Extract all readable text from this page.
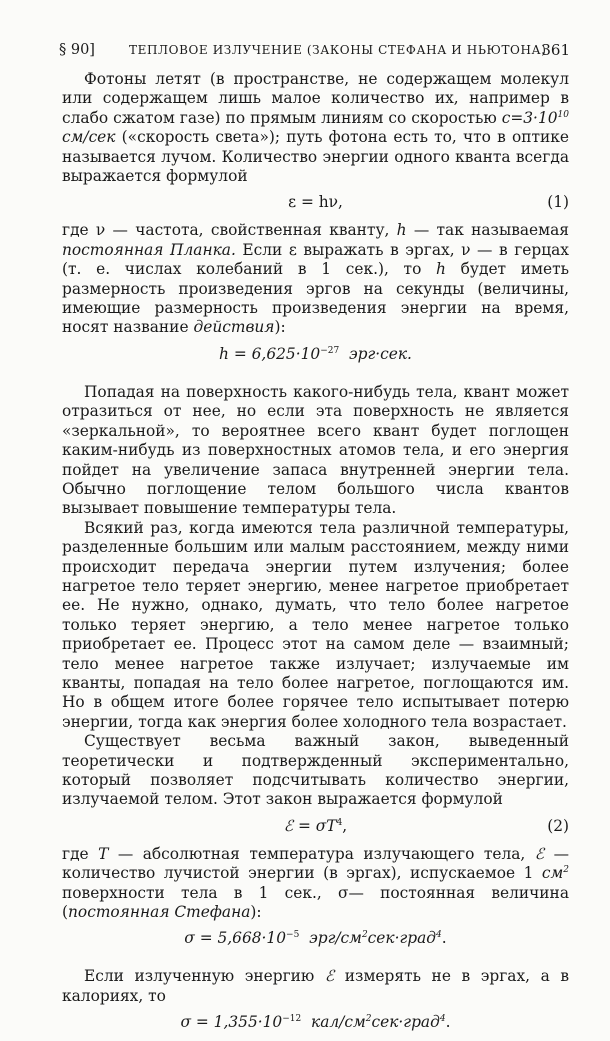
§ 90]	ТЕПЛОВОЕ ИЗЛУЧЕНИЕ (ЗАКОНЫ СТЕФАНА И НЬЮТОНА)
361

Фотоны летят (в пространстве, не содержащем молекул или содержащем лишь малое количество их, например в слабо сжатом газе) по прямым линиям со скоростью $c=3\cdot 10^{10}$ см/сек («скорость света»); путь фотона есть то, что в оптике называется лучом. Количество энергии одного кванта всегда выражается формулой

ε = hν,	(1)

где ν — частота, свойственная кванту, h — так называемая постоянная Планка. Если ε выражать в эргах, ν — в герцах (т. е. числах колебаний в 1 сек.), то h будет иметь размерность произведения эргов на секунды (величины, имеющие размерность произведения энергии на время, носят название действия):

$h = 6,625\cdot 10^{-27}$ эрг·сек.

Попадая на поверхность какого-нибудь тела, квант может отразиться от нее, но если эта поверхность не является «зеркальной», то вероятнее всего квант будет поглощен каким-нибудь из поверхностных атомов тела, и его энергия пойдет на увеличение запаса внутренней энергии тела. Обычно поглощение телом большого числа квантов вызывает повышение температуры тела.

Всякий раз, когда имеются тела различной температуры, разделенные большим или малым расстоянием, между ними происходит передача энергии путем излучения; более нагретое тело теряет энергию, менее нагретое приобретает ее. Не нужно, однако, думать, что тело более нагретое только теряет энергию, а тело менее нагретое только приобретает ее. Процесс этот на самом деле — взаимный; тело менее нагретое также излучает; излучаемые им кванты, попадая на тело более нагретое, поглощаются им. Но в общем итоге более горячее тело испытывает потерю энергии, тогда как энергия более холодного тела возрастает.

Существует весьма важный закон, выведенный теоретически и подтвержденный экспериментально, который позволяет подсчитывать количество энергии, излучаемой телом. Этот закон выражается формулой

ℰ = $\sigma T^4$,	(2)

где T — абсолютная температура излучающего тела, ℰ — количество лучистой энергии (в эргах), испускаемое 1 $см^2$ поверхности тела в 1 сек., σ— постоянная величина (постоянная Стефана):

$\sigma = 5,668\cdot 10^{-5}$ эрг/$см^2сек\cdot град^4$.

Если излученную энергию ℰ измерять не в эргах, а в калориях, то

$\sigma = 1,355\cdot 10^{-12}$ кал/$см^2сек\cdot град^4$.
